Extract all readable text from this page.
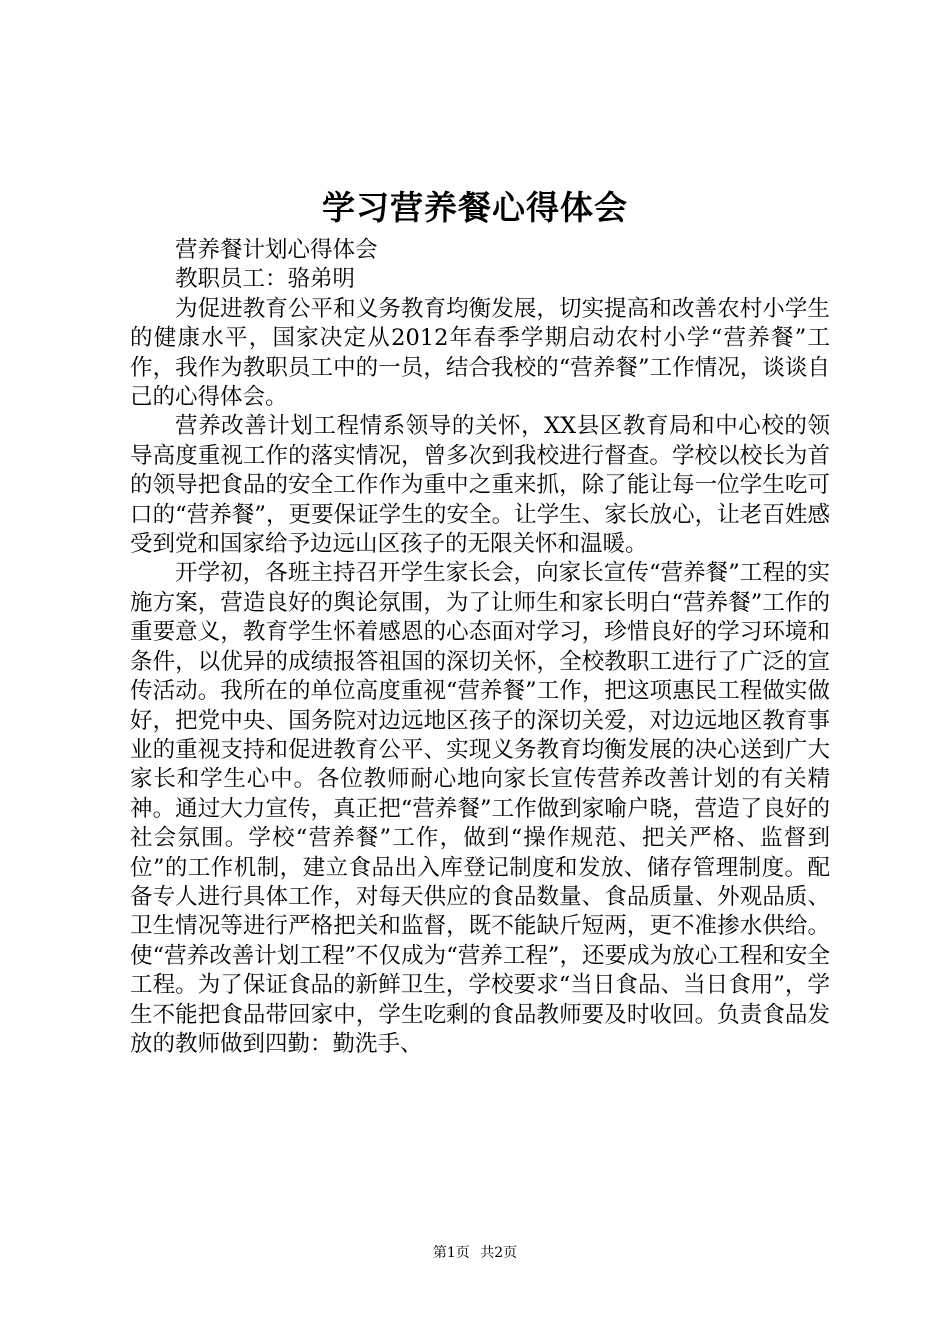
学习营养餐心得体会

营养餐计划心得体会

教职员工：骆弟明

为促进教育公平和义务教育均衡发展，切实提高和改善农村小学生的健康水平，国家决定从2012年春季学期启动农村小学“营养餐”工作，我作为教职员工中的一员，结合我校的“营养餐”工作情况，谈谈自己的心得体会。

营养改善计划工程情系领导的关怀，XX县区教育局和中心校的领导高度重视工作的落实情况，曾多次到我校进行督查。学校以校长为首的领导把食品的安全工作作为重中之重来抓，除了能让每一位学生吃可口的“营养餐”，更要保证学生的安全。让学生、家长放心，让老百姓感受到党和国家给予边远山区孩子的无限关怀和温暖。

开学初，各班主持召开学生家长会，向家长宣传“营养餐”工程的实施方案，营造良好的舆论氛围，为了让师生和家长明白“营养餐”工作的重要意义，教育学生怀着感恩的心态面对学习，珍惜良好的学习环境和条件，以优异的成绩报答祖国的深切关怀，全校教职工进行了广泛的宣传活动。我所在的单位高度重视“营养餐”工作，把这项惠民工程做实做好，把党中央、国务院对边远地区孩子的深切关爱，对边远地区教育事业的重视支持和促进教育公平、实现义务教育均衡发展的决心送到广大家长和学生心中。各位教师耐心地向家长宣传营养改善计划的有关精神。通过大力宣传，真正把“营养餐”工作做到家喻户晓，营造了良好的社会氛围。学校“营养餐”工作，做到“操作规范、把关严格、监督到位”的工作机制，建立食品出入库登记制度和发放、储存管理制度。配备专人进行具体工作，对每天供应的食品数量、食品质量、外观品质、卫生情况等进行严格把关和监督，既不能缺斤短两，更不准掺水供给。使“营养改善计划工程”不仅成为“营养工程”，还要成为放心工程和安全工程。为了保证食品的新鲜卫生，学校要求“当日食品、当日食用”，学生不能把食品带回家中，学生吃剩的食品教师要及时收回。负责食品发放的教师做到四勤：勤洗手、

第1页 共2页
